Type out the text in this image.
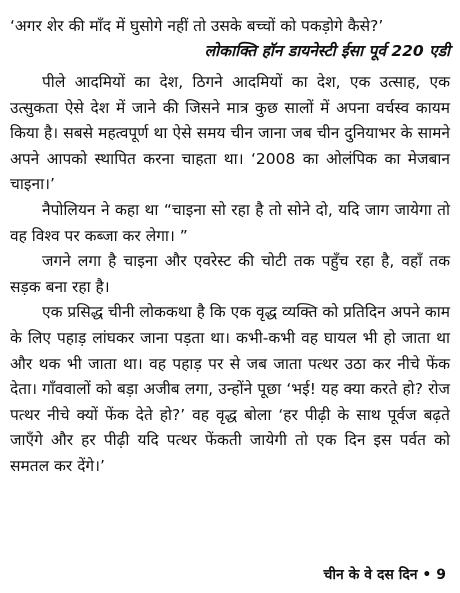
‘अगर शेर की माँद में घुसोगे नहीं तो उसके बच्चों को पकड़ोगे कैसे?’

लोकाक्ति हॉन डायनेस्टी ईसा पूर्व 220 एडी

पीले आदमियों का देश, ठिगने आदमियों का देश, एक उत्साह, एक उत्सुकता ऐसे देश में जाने की जिसने मात्र कुछ सालों में अपना वर्चस्व कायम किया है। सबसे महत्वपूर्ण था ऐसे समय चीन जाना जब चीन दुनियाभर के सामने अपने आपको स्थापित करना चाहता था। ‘2008 का ओलंपिक का मेजबान चाइना।’

नैपोलियन ने कहा था “चाइना सो रहा है तो सोने दो, यदि जाग जायेगा तो वह विश्व पर कब्जा कर लेगा। ”

जगने लगा है चाइना और एवरेस्ट की चोटी तक पहुँच रहा है, वहाँ तक सड़क बना रहा है।

एक प्रसिद्ध चीनी लोककथा है कि एक वृद्ध व्यक्ति को प्रतिदिन अपने काम के लिए पहाड़ लांघकर जाना पड़ता था। कभी-कभी वह घायल भी हो जाता था और थक भी जाता था। वह पहाड़ पर से जब जाता पत्थर उठा कर नीचे फेंक देता। गाँववालों को बड़ा अजीब लगा, उन्होंने पूछा ‘भई! यह क्या करते हो? रोज पत्थर नीचे क्यों फेंक देते हो?’ वह वृद्ध बोला ‘हर पीढ़ी के साथ पूर्वज बढ़ते जाएँगे और हर पीढ़ी यदि पत्थर फेंकती जायेगी तो एक दिन इस पर्वत को समतल कर देंगे।’

चीन के वे दस दिन • 9
